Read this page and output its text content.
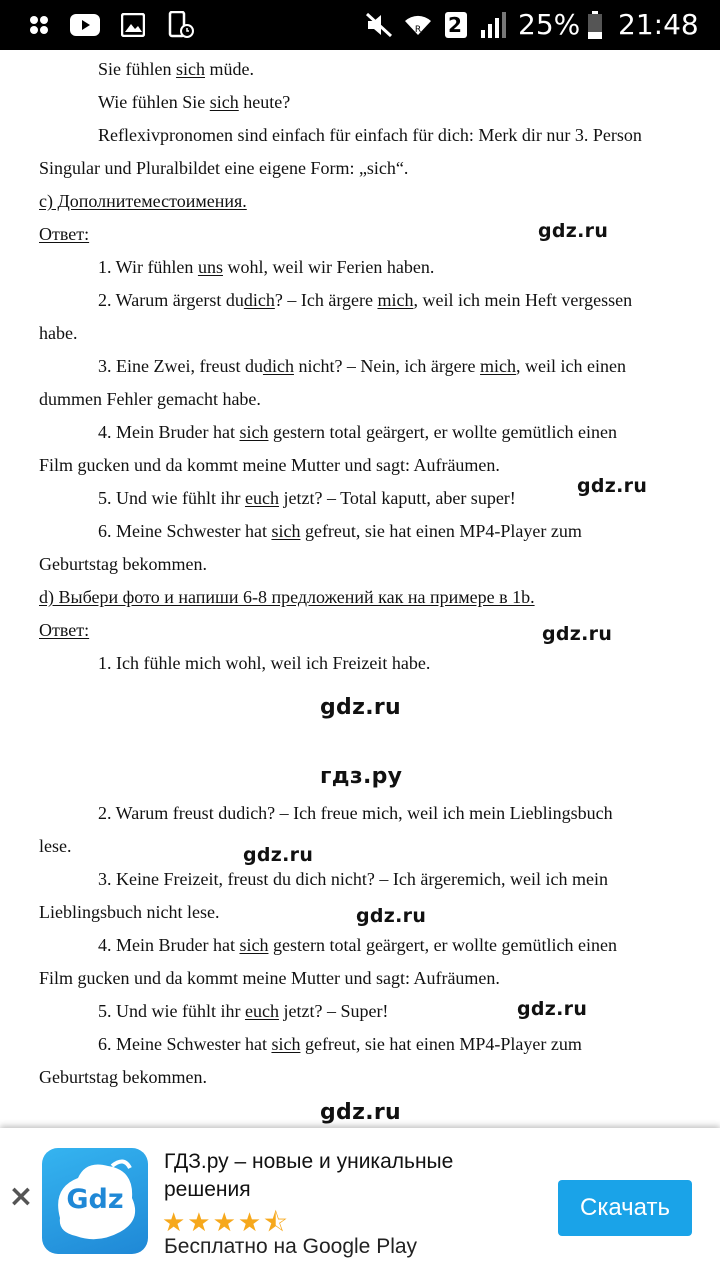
R 2 25% 21:48
Sie fühlen sich müde.
Wie fühlen Sie sich heute?
Reflexivpronomen sind einfach für einfach für dich: Merk dir nur 3. Person
Singular und Pluralbildet eine eigene Form: „sich“.
c) Дополнитеместоимения.
Ответ:
1. Wir fühlen uns wohl, weil wir Ferien haben.
2. Warum ärgerst dudich? – Ich ärgere mich, weil ich mein Heft vergessen
habe.
3. Eine Zwei, freust dudich nicht? – Nein, ich ärgere mich, weil ich einen
dummen Fehler gemacht habe.
4. Mein Bruder hat sich gestern total geärgert, er wollte gemütlich einen
Film gucken und da kommt meine Mutter und sagt: Aufräumen.
5. Und wie fühlt ihr euch jetzt? – Total kaputt, aber super!
6. Meine Schwester hat sich gefreut, sie hat einen MP4-Player zum
Geburtstag bekommen.
d) Выбери фото и напиши 6-8 предложений как на примере в 1b.
Ответ:
1. Ich fühle mich wohl, weil ich Freizeit habe.
2. Warum freust dudich? – Ich freue mich, weil ich mein Lieblingsbuch
lese.
3. Keine Freizeit, freust du dich nicht? – Ich ärgeremich, weil ich mein
Lieblingsbuch nicht lese.
4. Mein Bruder hat sich gestern total geärgert, er wollte gemütlich einen
Film gucken und da kommt meine Mutter und sagt: Aufräumen.
5. Und wie fühlt ihr euch jetzt? – Super!
6. Meine Schwester hat sich gefreut, sie hat einen MP4-Player zum
Geburtstag bekommen.
gdz.ru
gdz.ru
gdz.ru
gdz.ru
гдз.ру
gdz.ru
gdz.ru
gdz.ru
gdz.ru
×	Gdz
ГДЗ.ру – новые и уникальные
решения
★★★★⯪
Бесплатно на Google Play
Скачать
